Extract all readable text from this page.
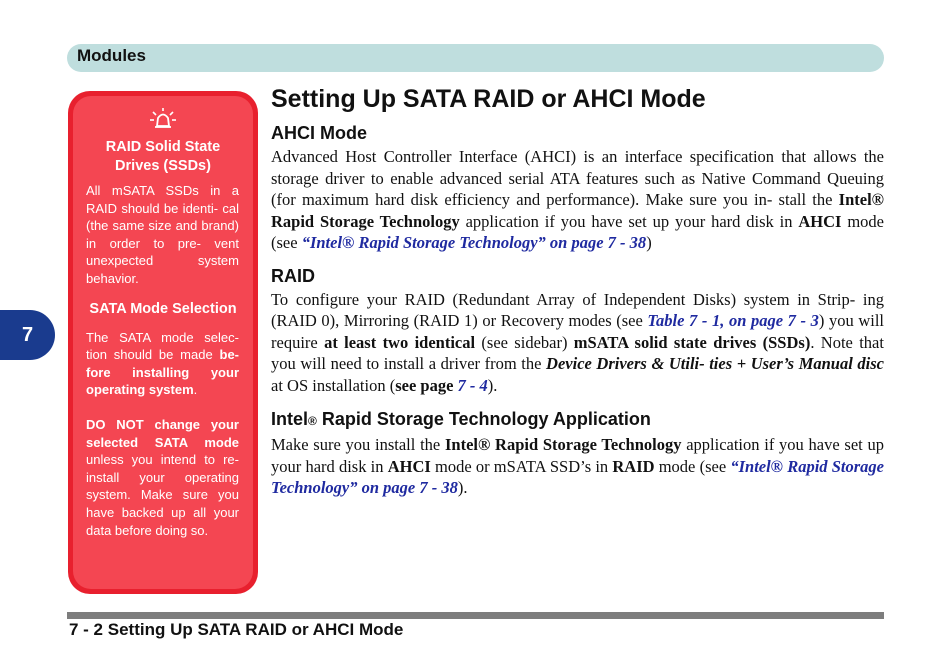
Modules
7
RAID Solid State Drives (SSDs)
All mSATA SSDs in a RAID should be identi- cal (the same size and brand) in order to pre- vent unexpected system behavior.
SATA Mode Selection
The SATA mode selec- tion should be made be- fore installing your operating system.
DO NOT change your selected SATA mode unless you intend to re- install your operating system. Make sure you have backed up all your data before doing so.
Setting Up SATA RAID or AHCI Mode
AHCI Mode

Advanced Host Controller Interface (AHCI) is an interface specification that allows the storage driver to enable advanced serial ATA features such as Native Command Queuing (for maximum hard disk efficiency and performance). Make sure you in- stall the Intel® Rapid Storage Technology application if you have set up your hard disk in AHCI mode (see “Intel® Rapid Storage Technology” on page 7 - 38)

RAID

To configure your RAID (Redundant Array of Independent Disks) system in Strip- ing (RAID 0), Mirroring (RAID 1) or Recovery modes (see Table 7 - 1, on page 7 - 3) you will require at least two identical (see sidebar) mSATA solid state drives (SSDs). Note that you will need to install a driver from the Device Drivers & Utili- ties + User’s Manual disc at OS installation (see page 7 - 4).

Intel® Rapid Storage Technology Application

Make sure you install the Intel® Rapid Storage Technology application if you have set up your hard disk in AHCI mode or mSATA SSD’s in RAID mode (see “Intel® Rapid Storage Technology” on page 7 - 38).

7 - 2 Setting Up SATA RAID or AHCI Mode
